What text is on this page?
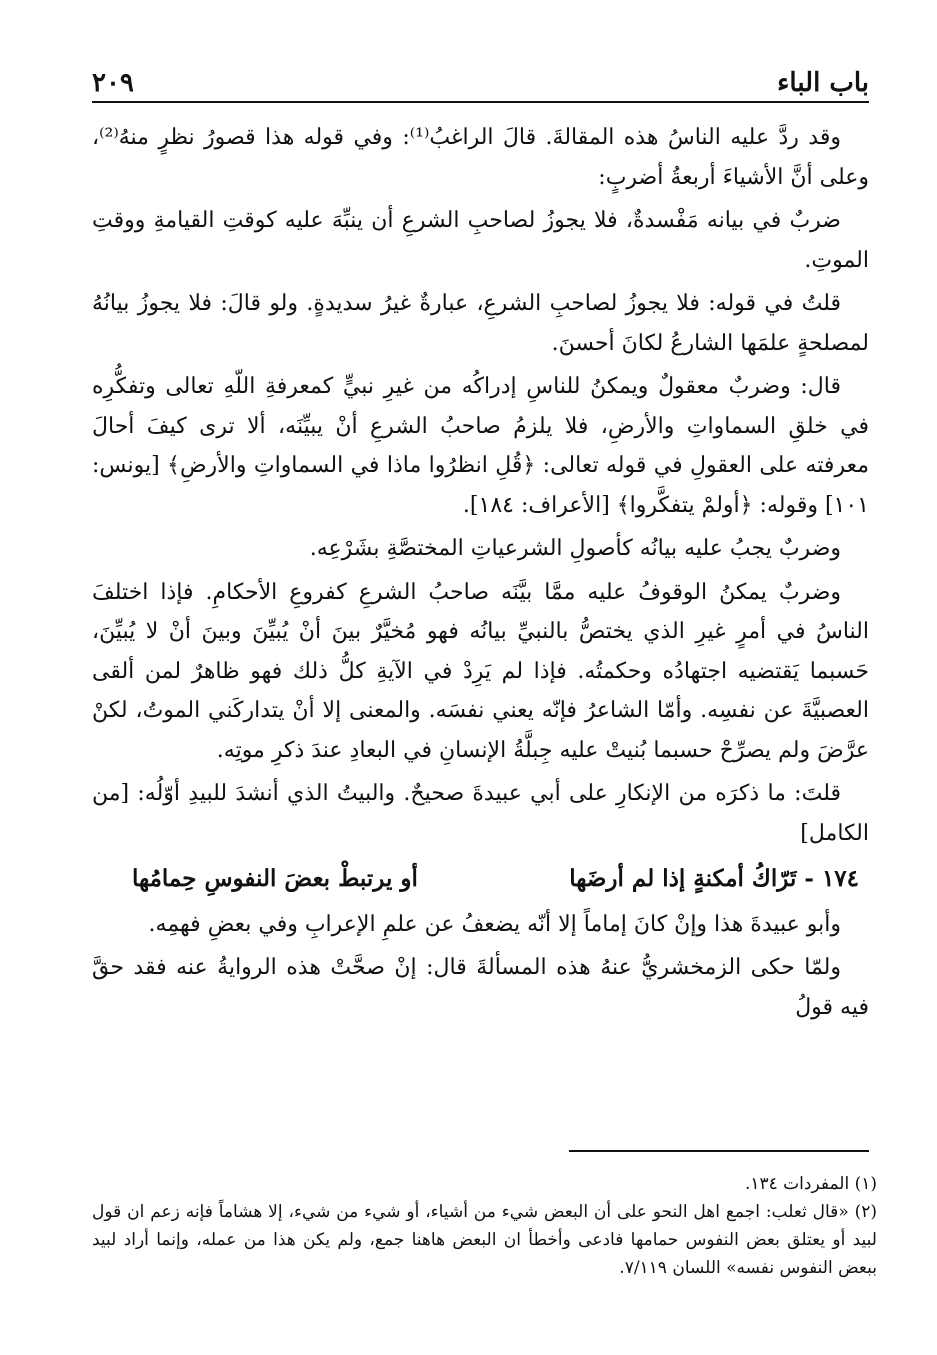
باب الباء
٢٠٩

وقد ردَّ عليه الناسُ هذه المقالةَ. قالَ الراغبُ⁽¹⁾: وفي قوله هذا قصورُ نظرٍ منهُ⁽²⁾، وعلى أنَّ الأشياءَ أربعةُ أضربٍ:

ضربٌ في بيانه مَفْسدةٌ، فلا يجوزُ لصاحبِ الشرعِ أن ينبِّهَ عليه كوقتِ القيامةِ ووقتِ الموتِ.

قلتُ في قوله: فلا يجوزُ لصاحبِ الشرعِ، عبارةٌ غيرُ سديدةٍ. ولو قالَ: فلا يجوزُ بيانُهُ لمصلحةٍ علمَها الشارعُ لكانَ أحسنَ.

قال: وضربٌ معقولٌ ويمكنُ للناسِ إدراكُه من غيرِ نبيٍّ كمعرفةِ اللّهِ تعالى وتفكُّرِه في خلقِ السماواتِ والأرضِ، فلا يلزمُ صاحبُ الشرعِ أنْ يبيِّنَه، ألا ترى كيفَ أحالَ معرفته على العقولِ في قوله تعالى: ﴿قُلِ انظرُوا ماذا في السماواتِ والأرضِ﴾ [يونس: ١٠١] وقوله: ﴿أولمْ يتفكَّروا﴾ [الأعراف: ١٨٤].

وضربٌ يجبُ عليه بيانُه كأصولِ الشرعياتِ المختصَّةِ بشَرْعِه.

وضربٌ يمكنُ الوقوفُ عليه ممَّا بيَّنَه صاحبُ الشرعِ كفروعِ الأحكامِ. فإذا اختلفَ الناسُ في أمرٍ غيرِ الذي يختصُّ بالنبيِّ بيانُه فهو مُخيَّرٌ بينَ أنْ يُبيِّنَ وبينَ أنْ لا يُبيِّنَ، حَسبما يَقتضيه اجتهادُه وحكمتُه. فإذا لم يَرِدْ في الآيةِ كلُّ ذلك فهو ظاهرٌ لمن ألقى العصبيَّةَ عن نفسِه. وأمّا الشاعرُ فإنّه يعني نفسَه. والمعنى إلا أنْ يتداركَني الموتُ، لكنْ عرَّضَ ولم يصرِّحْ حسبما بُنيتْ عليه جِبلَّةُ الإنسانِ في البعادِ عندَ ذكرِ موتِه.

قلتَ: ما ذكرَه من الإنكارِ على أبي عبيدةَ صحيحٌ. والبيتُ الذي أنشدَ للبيدِ أوّلُه: [من الكامل]

١٧٤ - تَرّاكُ أمكنةٍ إذا لم أرضَها
أو يرتبطْ بعضَ النفوسِ حِمامُها

وأبو عبيدةَ هذا وإنْ كانَ إماماً إلا أنّه يضعفُ عن علمِ الإعرابِ وفي بعضِ فهمِه.

ولمّا حكى الزمخشريُّ عنهُ هذه المسألةَ قال: إنْ صحَّتْ هذه الروايةُ عنه فقد حقَّ فيه قولُ

(١) المفردات ١٣٤.

(٢) «قال ثعلب: اجمع اهل النحو على أن البعض شيء من أشياء، أو شيء من شيء، إلا هشاماً فإنه زعم ان قول لبيد أو يعتلق بعض النفوس حمامها فادعى وأخطأ ان البعض هاهنا جمع، ولم يكن هذا من عمله، وإنما أراد لبيد ببعض النفوس نفسه» اللسان ٧/١١٩.
